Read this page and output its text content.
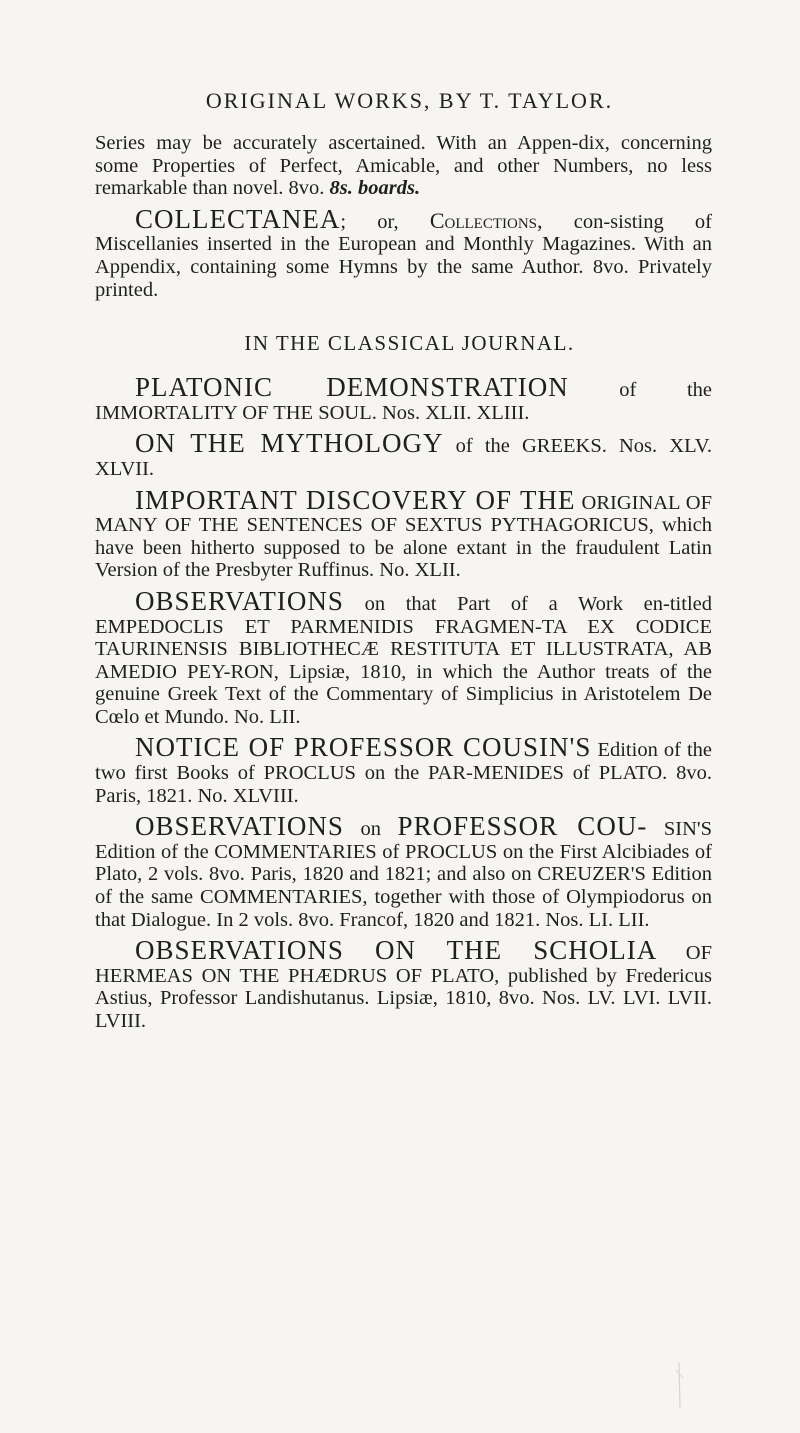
ORIGINAL WORKS, BY T. TAYLOR.

Series may be accurately ascertained. With an Appen-dix, concerning some Properties of Perfect, Amicable, and other Numbers, no less remarkable than novel. 8vo. 8s. boards.

COLLECTANEA; or, Collections, con-sisting of Miscellanies inserted in the European and Monthly Magazines. With an Appendix, containing some Hymns by the same Author. 8vo. Privately printed.

IN THE CLASSICAL JOURNAL.

PLATONIC DEMONSTRATION of the IMMORTALITY OF THE SOUL. Nos. XLII. XLIII.

ON THE MYTHOLOGY of the GREEKS. Nos. XLV. XLVII.

IMPORTANT DISCOVERY OF THE ORIGINAL OF MANY OF THE SENTENCES OF SEXTUS PYTHAGORICUS, which have been hitherto supposed to be alone extant in the fraudulent Latin Version of the Presbyter Ruffinus. No. XLII.

OBSERVATIONS on that Part of a Work en-titled EMPEDOCLIS ET PARMENIDIS FRAGMEN-TA EX CODICE TAURINENSIS BIBLIOTHECÆ RESTITUTA ET ILLUSTRATA, AB AMEDIO PEY-RON, Lipsiæ, 1810, in which the Author treats of the genuine Greek Text of the Commentary of Simplicius in Aristotelem De Cœlo et Mundo. No. LII.

NOTICE OF PROFESSOR COUSIN'S Edition of the two first Books of PROCLUS on the PAR-MENIDES of PLATO. 8vo. Paris, 1821. No. XLVIII.

OBSERVATIONS on PROFESSOR COU- SIN'S Edition of the COMMENTARIES of PROCLUS on the First Alcibiades of Plato, 2 vols. 8vo. Paris, 1820 and 1821; and also on CREUZER'S Edition of the same COMMENTARIES, together with those of Olympiodorus on that Dialogue. In 2 vols. 8vo. Francof, 1820 and 1821. Nos. LI. LII.

OBSERVATIONS ON THE SCHOLIA OF HERMEAS ON THE PHÆDRUS OF PLATO, published by Fredericus Astius, Professor Landishutanus. Lipsiæ, 1810, 8vo. Nos. LV. LVI. LVII. LVIII.
